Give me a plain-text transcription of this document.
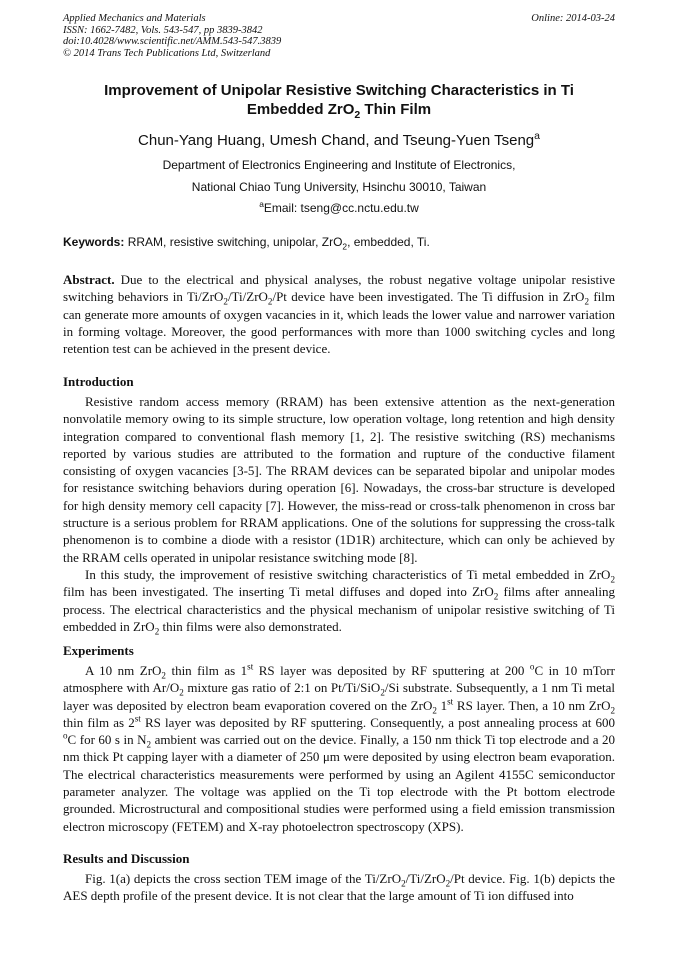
Applied Mechanics and Materials
ISSN: 1662-7482, Vols. 543-547, pp 3839-3842
doi:10.4028/www.scientific.net/AMM.543-547.3839
© 2014 Trans Tech Publications Ltd, Switzerland
Online: 2014-03-24
Improvement of Unipolar Resistive Switching Characteristics in Ti
Embedded ZrO$_2$ Thin Film
Chun-Yang Huang, Umesh Chand, and Tseung-Yuen Tseng$^a$
Department of Electronics Engineering and Institute of Electronics,
National Chiao Tung University, Hsinchu 30010, Taiwan
$^a$Email: tseng@cc.nctu.edu.tw
Keywords: RRAM, resistive switching, unipolar, ZrO$_2$, embedded, Ti.

Abstract. Due to the electrical and physical analyses, the robust negative voltage unipolar resistive switching behaviors in Ti/ZrO$_2$/Ti/ZrO$_2$/Pt device have been investigated. The Ti diffusion in ZrO$_2$ film can generate more amounts of oxygen vacancies in it, which leads the lower value and narrower variation in forming voltage. Moreover, the good performances with more than 1000 switching cycles and long retention test can be achieved in the present device.

Introduction

Resistive random access memory (RRAM) has been extensive attention as the next-generation nonvolatile memory owing to its simple structure, low operation voltage, long retention and high density integration compared to conventional flash memory [1, 2]. The resistive switching (RS) mechanisms reported by various studies are attributed to the formation and rupture of the conductive filament consisting of oxygen vacancies [3-5]. The RRAM devices can be separated bipolar and unipolar modes for resistance switching behaviors during operation [6]. Nowadays, the cross-bar structure is developed for high density memory cell capacity [7]. However, the miss-read or cross-talk phenomenon in cross bar structure is a serious problem for RRAM applications. One of the solutions for suppressing the cross-talk phenomenon is to combine a diode with a resistor (1D1R) architecture, which can only be achieved by the RRAM cells operated in unipolar resistance switching mode [8].

In this study, the improvement of resistive switching characteristics of Ti metal embedded in ZrO$_2$ film has been investigated. The inserting Ti metal diffuses and doped into ZrO$_2$ films after annealing process. The electrical characteristics and the physical mechanism of unipolar resistive switching of Ti embedded in ZrO$_2$ thin films were also demonstrated.

Experiments

A 10 nm ZrO$_2$ thin film as 1st RS layer was deposited by RF sputtering at 200 $^o$C in 10 mTorr atmosphere with $Ar/O_2$ mixture gas ratio of 2:1 on Pt/Ti/SiO$_2$/Si substrate. Subsequently, a 1 nm Ti metal layer was deposited by electron beam evaporation covered on the ZrO$_2$ 1st RS layer. Then, a 10 nm ZrO$_2$ thin film as 2st RS layer was deposited by RF sputtering. Consequently, a post annealing process at 600 $^o$C for 60 s in $N_2$ ambient was carried out on the device. Finally, a 150 nm thick Ti top electrode and a 20 nm thick Pt capping layer with a diameter of 250 μm were deposited by using electron beam evaporation. The electrical characteristics measurements were performed by using an Agilent 4155C semiconductor parameter analyzer. The voltage was applied on the Ti top electrode with the Pt bottom electrode grounded. Microstructural and compositional studies were performed using a field emission transmission electron microscopy (FETEM) and X-ray photoelectron spectroscopy (XPS).

Results and Discussion

Fig. 1(a) depicts the cross section TEM image of the Ti/ZrO$_2$/Ti/ZrO$_2$/Pt device. Fig. 1(b) depicts the AES depth profile of the present device. It is not clear that the large amount of Ti ion diffused into
